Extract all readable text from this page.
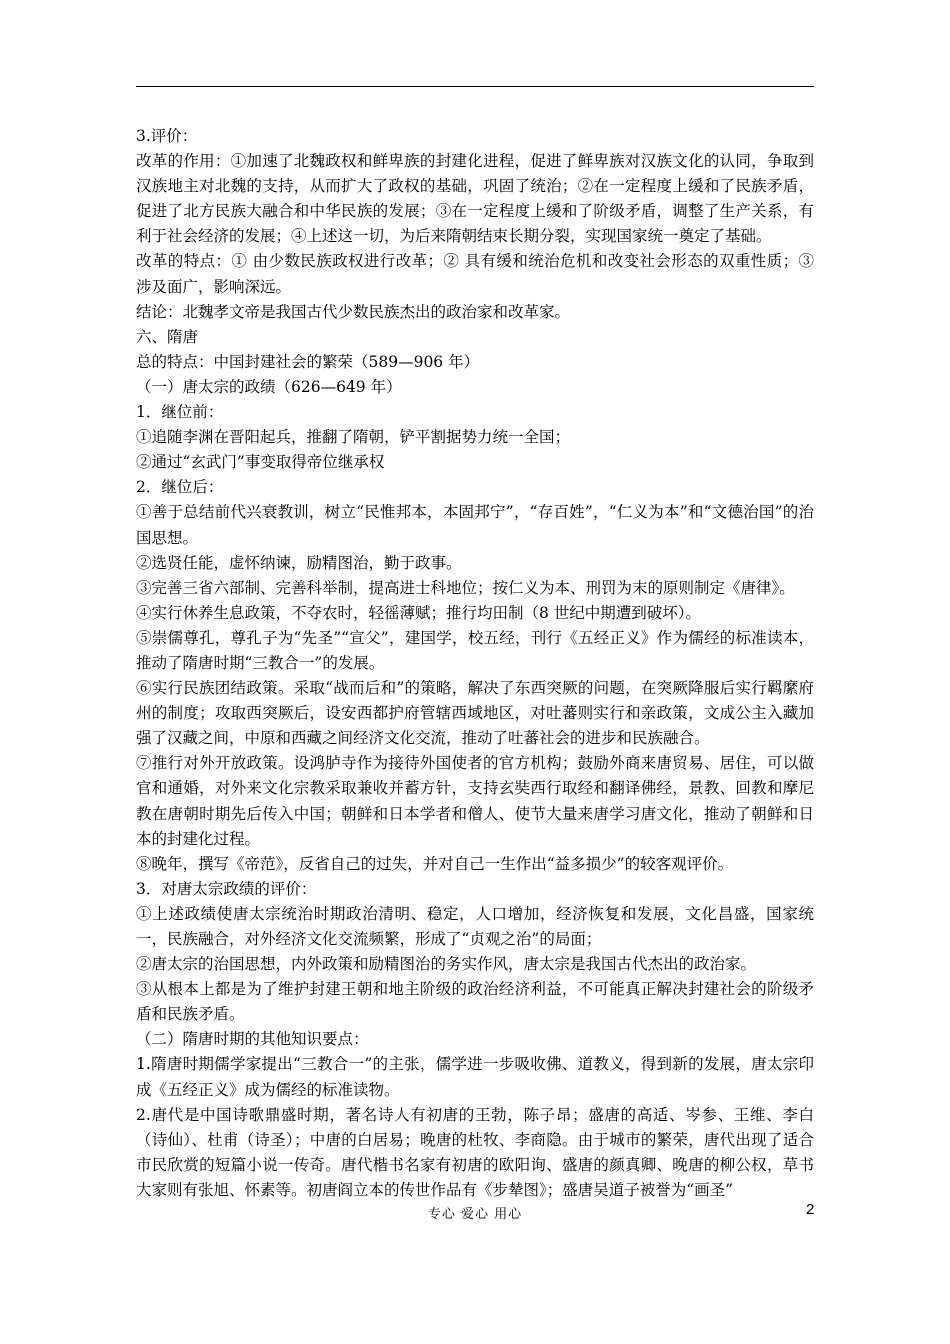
3.评价：

改革的作用：①加速了北魏政权和鲜卑族的封建化进程，促进了鲜卑族对汉族文化的认同，争取到汉族地主对北魏的支持，从而扩大了政权的基础，巩固了统治；②在一定程度上缓和了民族矛盾，促进了北方民族大融合和中华民族的发展；③在一定程度上缓和了阶级矛盾，调整了生产关系，有利于社会经济的发展；④上述这一切，为后来隋朝结束长期分裂，实现国家统一奠定了基础。

改革的特点：① 由少数民族政权进行改革；② 具有缓和统治危机和改变社会形态的双重性质；③ 涉及面广，影响深远。

结论：北魏孝文帝是我国古代少数民族杰出的政治家和改革家。

六、隋唐

总的特点：中国封建社会的繁荣（589—906 年）

（一）唐太宗的政绩（626—649 年）

1．继位前：

①追随李渊在晋阳起兵，推翻了隋朝，铲平割据势力统一全国；

②通过“玄武门”事变取得帝位继承权

2．继位后：

①善于总结前代兴衰教训，树立“民惟邦本，本固邦宁”，“存百姓”，“仁义为本”和“文德治国”的治国思想。

②选贤任能，虚怀纳谏，励精图治，勤于政事。

③完善三省六部制、完善科举制，提高进士科地位；按仁义为本、刑罚为末的原则制定《唐律》。

④实行休养生息政策，不夺农时，轻徭薄赋；推行均田制（8 世纪中期遭到破坏）。

⑤崇儒尊孔，尊孔子为“先圣”“宣父”，建国学，校五经，刊行《五经正义》作为儒经的标准读本，推动了隋唐时期“三教合一”的发展。

⑥实行民族团结政策。采取“战而后和”的策略，解决了东西突厥的问题，在突厥降服后实行羁縻府州的制度；攻取西突厥后，设安西都护府管辖西域地区，对吐蕃则实行和亲政策，文成公主入藏加强了汉藏之间，中原和西藏之间经济文化交流，推动了吐蕃社会的进步和民族融合。

⑦推行对外开放政策。设鸿胪寺作为接待外国使者的官方机构；鼓励外商来唐贸易、居住，可以做官和通婚，对外来文化宗教采取兼收并蓄方针，支持玄奘西行取经和翻译佛经，景教、回教和摩尼教在唐朝时期先后传入中国；朝鲜和日本学者和僧人、使节大量来唐学习唐文化，推动了朝鲜和日本的封建化过程。

⑧晚年，撰写《帝范》，反省自己的过失，并对自己一生作出“益多损少”的较客观评价。

3．对唐太宗政绩的评价：

①上述政绩使唐太宗统治时期政治清明、稳定，人口增加，经济恢复和发展，文化昌盛，国家统一，民族融合，对外经济文化交流频繁，形成了“贞观之治”的局面；

②唐太宗的治国思想，内外政策和励精图治的务实作风，唐太宗是我国古代杰出的政治家。

③从根本上都是为了维护封建王朝和地主阶级的政治经济利益，不可能真正解决封建社会的阶级矛盾和民族矛盾。

（二）隋唐时期的其他知识要点：

1.隋唐时期儒学家提出“三教合一”的主张，儒学进一步吸收佛、道教义，得到新的发展，唐太宗印成《五经正义》成为儒经的标准读物。

2.唐代是中国诗歌鼎盛时期，著名诗人有初唐的王勃，陈子昂；盛唐的高适、岑参、王维、李白（诗仙）、杜甫（诗圣）；中唐的白居易；晚唐的杜牧、李商隐。由于城市的繁荣，唐代出现了适合市民欣赏的短篇小说一传奇。唐代楷书名家有初唐的欧阳询、盛唐的颜真卿、晚唐的柳公权，草书大家则有张旭、怀素等。初唐阎立本的传世作品有《步辇图》；盛唐吴道子被誉为“画圣”

专心 爱心 用心	2
